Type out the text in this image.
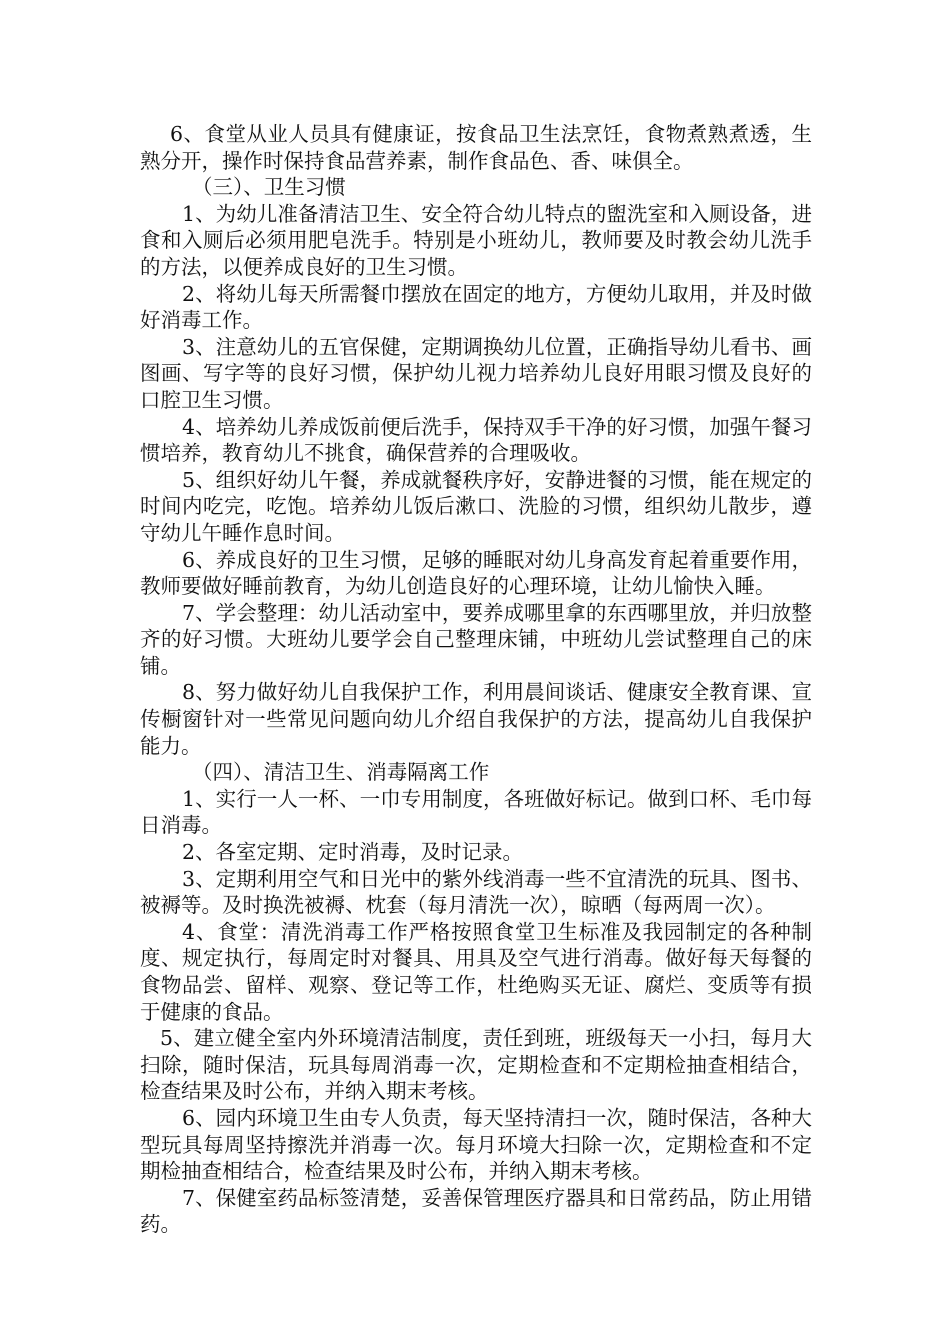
6、食堂从业人员具有健康证，按食品卫生法烹饪，食物煮熟煮透，生熟分开，操作时保持食品营养素，制作食品色、香、味俱全。

（三）、卫生习惯

1、为幼儿准备清洁卫生、安全符合幼儿特点的盥洗室和入厕设备，进食和入厕后必须用肥皂洗手。特别是小班幼儿，教师要及时教会幼儿洗手的方法，以便养成良好的卫生习惯。

2、将幼儿每天所需餐巾摆放在固定的地方，方便幼儿取用，并及时做好消毒工作。

3、注意幼儿的五官保健，定期调换幼儿位置，正确指导幼儿看书、画图画、写字等的良好习惯，保护幼儿视力培养幼儿良好用眼习惯及良好的口腔卫生习惯。

4、培养幼儿养成饭前便后洗手，保持双手干净的好习惯，加强午餐习惯培养，教育幼儿不挑食，确保营养的合理吸收。

5、组织好幼儿午餐，养成就餐秩序好，安静进餐的习惯，能在规定的时间内吃完，吃饱。培养幼儿饭后漱口、洗脸的习惯，组织幼儿散步，遵守幼儿午睡作息时间。

6、养成良好的卫生习惯，足够的睡眠对幼儿身高发育起着重要作用，教师要做好睡前教育，为幼儿创造良好的心理环境，让幼儿愉快入睡。

7、学会整理：幼儿活动室中，要养成哪里拿的东西哪里放，并归放整齐的好习惯。大班幼儿要学会自己整理床铺，中班幼儿尝试整理自己的床铺。

8、努力做好幼儿自我保护工作，利用晨间谈话、健康安全教育课、宣传橱窗针对一些常见问题向幼儿介绍自我保护的方法，提高幼儿自我保护能力。

（四）、清洁卫生、消毒隔离工作

1、实行一人一杯、一巾专用制度，各班做好标记。做到口杯、毛巾每日消毒。

2、各室定期、定时消毒，及时记录。

3、定期利用空气和日光中的紫外线消毒一些不宜清洗的玩具、图书、被褥等。及时换洗被褥、枕套（每月清洗一次），晾晒（每两周一次）。

4、食堂：清洗消毒工作严格按照食堂卫生标准及我园制定的各种制度、规定执行，每周定时对餐具、用具及空气进行消毒。做好每天每餐的食物品尝、留样、观察、登记等工作，杜绝购买无证、腐烂、变质等有损于健康的食品。

5、建立健全室内外环境清洁制度，责任到班，班级每天一小扫，每月大扫除，随时保洁，玩具每周消毒一次，定期检查和不定期检抽查相结合，检查结果及时公布，并纳入期末考核。

6、园内环境卫生由专人负责，每天坚持清扫一次，随时保洁，各种大型玩具每周坚持擦洗并消毒一次。每月环境大扫除一次，定期检查和不定期检抽查相结合，检查结果及时公布，并纳入期末考核。

7、保健室药品标签清楚，妥善保管理医疗器具和日常药品，防止用错药。
